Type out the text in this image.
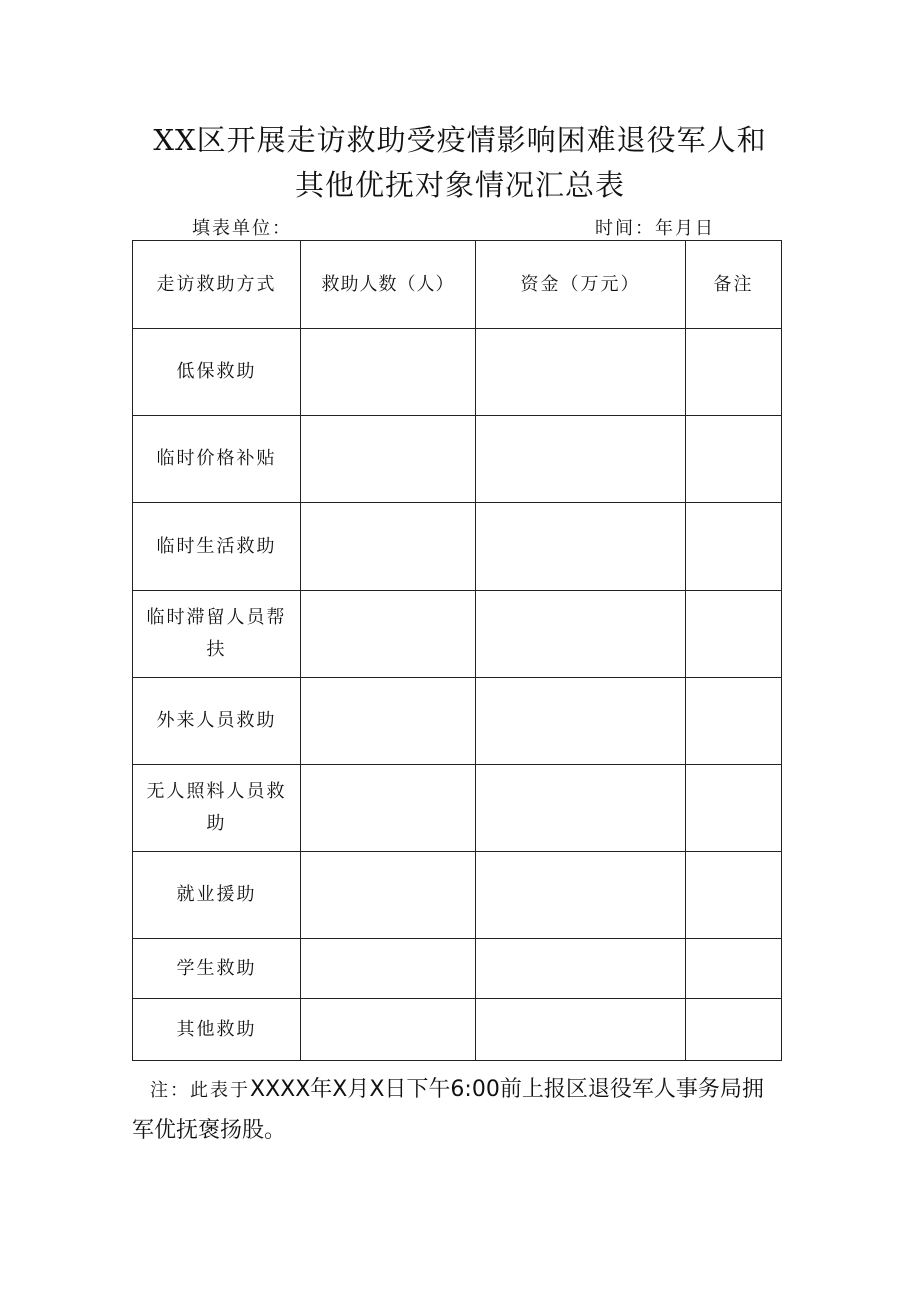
XX区开展走访救助受疫情影响困难退役军人和
其他优抚对象情况汇总表
填表单位：	时间：年月日
走访救助方式	救助人数（人）	资金（万元）	备注
低保救助			
临时价格补贴			
临时生活救助			
临时滞留人员帮扶			
外来人员救助			
无人照料人员救助			
就业援助			
学生救助			
其他救助			
注：此表于XXXX年X月X日下午6:00前上报区退役军人事务局拥军优抚褒扬股。
